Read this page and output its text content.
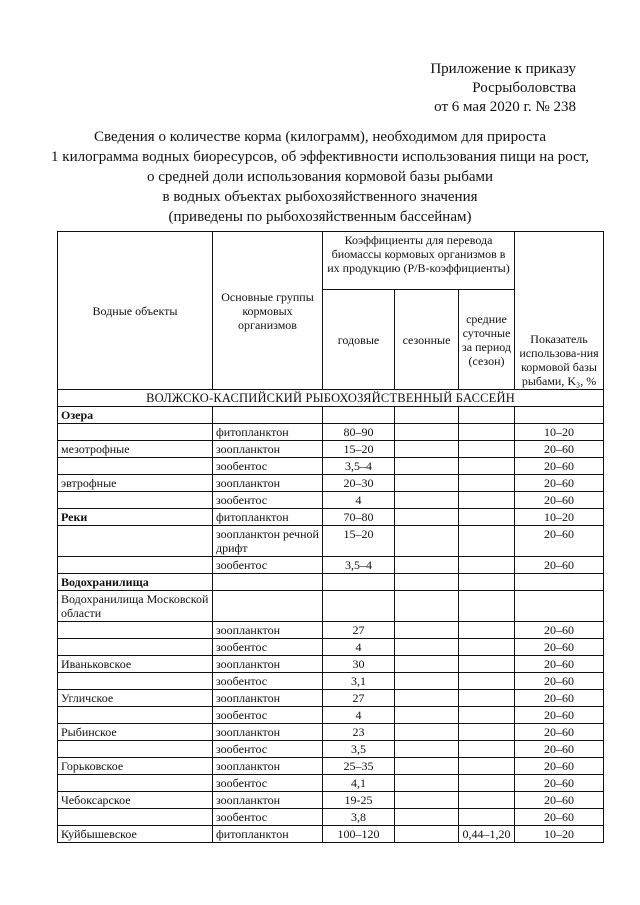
Приложение к приказу
Росрыболовства
от 6 мая 2020 г. № 238
Сведения о количестве корма (килограмм), необходимом для прироста
1 килограмма водных биоресурсов, об эффективности использования пищи на рост,
о средней доли использования кормовой базы рыбами
в водных объектах рыбохозяйственного значения
(приведены по рыбохозяйственным бассейнам)
Водные объекты	Основные группы кормовых организмов	Коэффициенты для перевода биомассы кормовых организмов в их продукцию (P/B-коэффициенты)			Показатель использова-ния кормовой базы рыбами, K₃, %
		годовые	сезонные	средние суточные за период (сезон)	
ВОЛЖСКО-КАСПИЙСКИЙ РЫБОХОЗЯЙСТВЕННЫЙ БАССЕЙН					
Озера					
	фитопланктон	80–90			10–20
мезотрофные	зоопланктон	15–20			20–60
	зообентос	3,5–4			20–60
эвтрофные	зоопланктон	20–30			20–60
	зообентос	4			20–60
Реки	фитопланктон	70–80			10–20
	зоопланктон речной дрифт	15–20			20–60
	зообентос	3,5–4			20–60
Водохранилища					
Водохранилища Московской области					
	зоопланктон	27			20–60
	зообентос	4			20–60
Иваньковское	зоопланктон	30			20–60
	зообентос	3,1			20–60
Угличское	зоопланктон	27			20–60
	зообентос	4			20–60
Рыбинское	зоопланктон	23			20–60
	зообентос	3,5			20–60
Горьковское	зоопланктон	25–35			20–60
	зообентос	4,1			20–60
Чебоксарское	зоопланктон	19-25			20–60
	зообентос	3,8			20–60
Куйбышевское	фитопланктон	100–120		0,44–1,20	10–20
